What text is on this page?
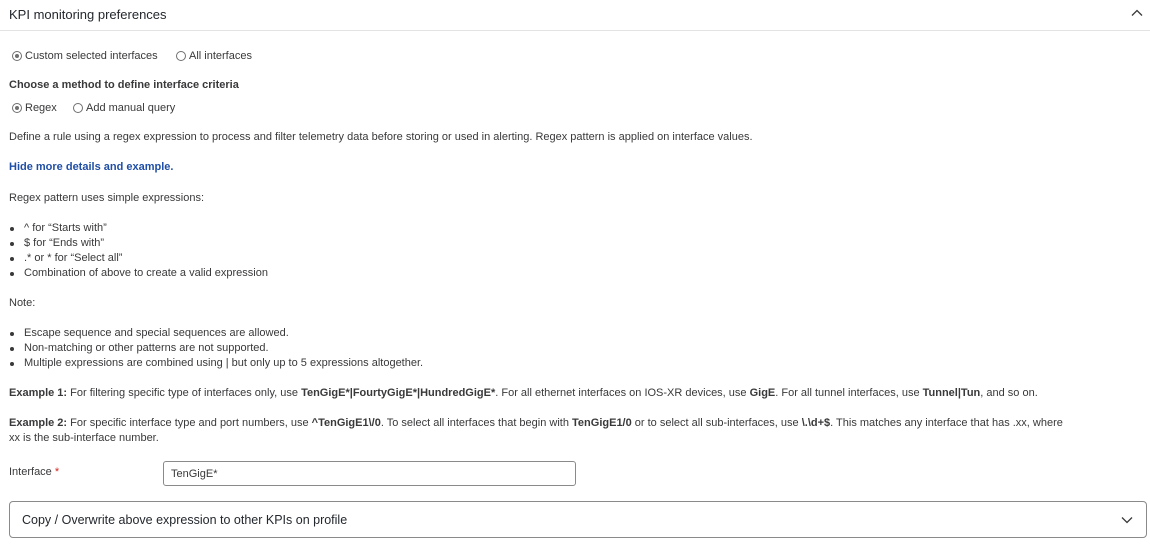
KPI monitoring preferences
Custom selected interfaces	All interfaces
Choose a method to define interface criteria
Regex	Add manual query
Define a rule using a regex expression to process and filter telemetry data before storing or used in alerting. Regex pattern is applied on interface values.
Hide more details and example.
Regex pattern uses simple expressions:
^ for “Starts with”
$ for “Ends with”
.* or * for “Select all”
Combination of above to create a valid expression
Note:
Escape sequence and special sequences are allowed.
Non-matching or other patterns are not supported.
Multiple expressions are combined using | but only up to 5 expressions altogether.
Example 1: For filtering specific type of interfaces only, use TenGigE*|FourtyGigE*|HundredGigE*. For all ethernet interfaces on IOS-XR devices, use GigE. For all tunnel interfaces, use Tunnel|Tun, and so on.
Example 2: For specific interface type and port numbers, use ^TenGigE1\/0. To select all interfaces that begin with TenGigE1/0 or to select all sub-interfaces, use \.\d+$. This matches any interface that has .xx, where
xx is the sub-interface number.
Interface *
TenGigE*
Copy / Overwrite above expression to other KPIs on profile
